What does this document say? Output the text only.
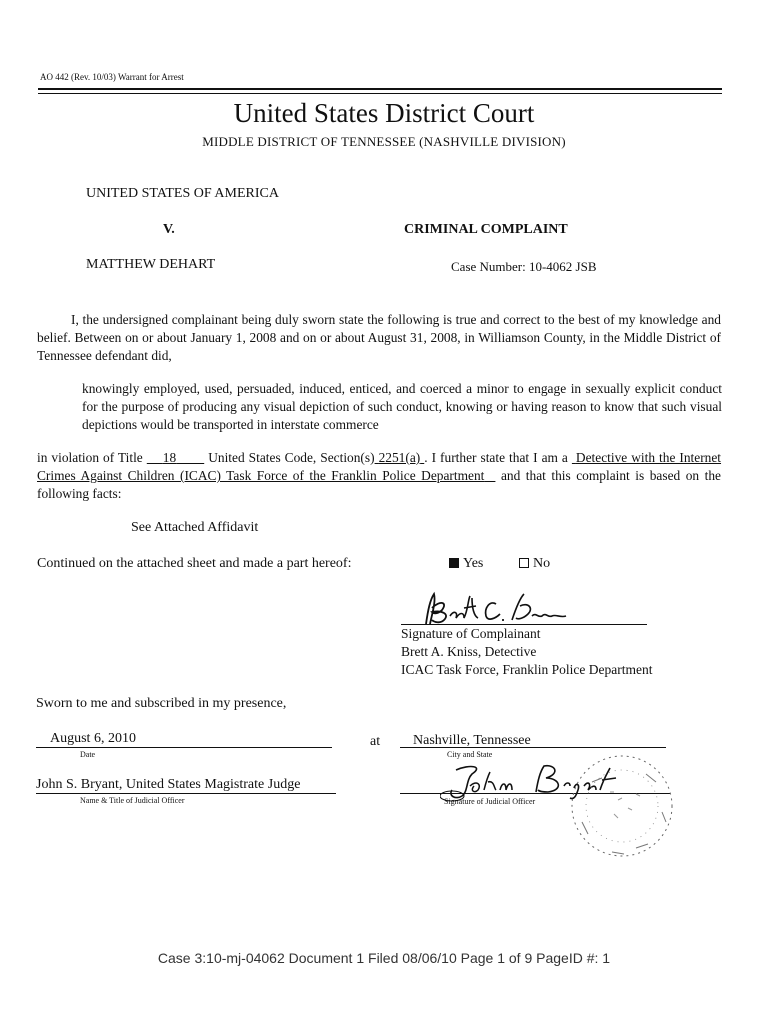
AO 442 (Rev. 10/03) Warrant for Arrest
United States District Court
MIDDLE DISTRICT OF TENNESSEE (NASHVILLE DIVISION)
UNITED STATES OF AMERICA
V.	CRIMINAL COMPLAINT
MATTHEW DEHART	Case Number: 10-4062 JSB
I, the undersigned complainant being duly sworn state the following is true and correct to the best of my knowledge and belief. Between on or about January 1, 2008 and on or about August 31, 2008, in Williamson County, in the Middle District of Tennessee defendant did,
knowingly employed, used, persuaded, induced, enticed, and coerced a minor to engage in sexually explicit conduct for the purpose of producing any visual depiction of such conduct, knowing or having reason to know that such visual depictions would be transported in interstate commerce
in violation of Title 18 United States Code, Section(s) 2251(a) . I further state that I am a Detective with the Internet Crimes Against Children (ICAC) Task Force of the Franklin Police Department and that this complaint is based on the following facts:
See Attached Affidavit
Continued on the attached sheet and made a part hereof:	Yes	No
Signature of Complainant
Brett A. Kniss, Detective
ICAC Task Force, Franklin Police Department
Sworn to me and subscribed in my presence,
August 6, 2010
Date
at Nashville, Tennessee
City and State
John S. Bryant, United States Magistrate Judge
Name & Title of Judicial Officer	Signature of Judicial Officer
Case 3:10-mj-04062 Document 1 Filed 08/06/10 Page 1 of 9 PageID #: 1
